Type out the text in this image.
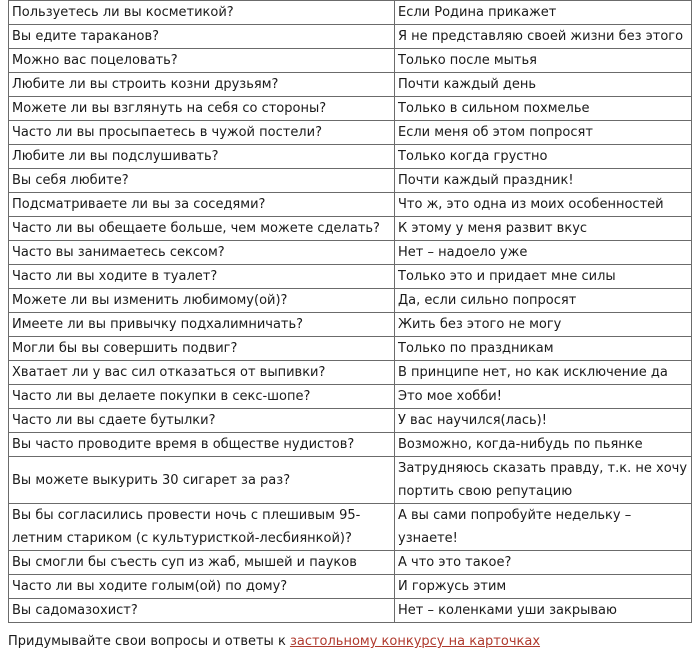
Пользуетесь ли вы косметикой?	Если Родина прикажет
Вы едите тараканов?	Я не представляю своей жизни без этого
Можно вас поцеловать?	Только после мытья
Любите ли вы строить козни друзьям?	Почти каждый день
Можете ли вы взглянуть на себя со стороны?	Только в сильном похмелье
Часто ли вы просыпаетесь в чужой постели?	Если меня об этом попросят
Любите ли вы подслушивать?	Только когда грустно
Вы себя любите?	Почти каждый праздник!
Подсматриваете ли вы за соседями?	Что ж, это одна из моих особенностей
Часто ли вы обещаете больше, чем можете сделать?	К этому у меня развит вкус
Часто вы занимаетесь сексом?	Нет – надоело уже
Часто ли вы ходите в туалет?	Только это и придает мне силы
Можете ли вы изменить любимому(ой)?	Да, если сильно попросят
Имеете ли вы привычку подхалимничать?	Жить без этого не могу
Могли бы вы совершить подвиг?	Только по праздникам
Хватает ли у вас сил отказаться от выпивки?	В принципе нет, но как исключение да
Часто ли вы делаете покупки в секс-шопе?	Это мое хобби!
Часто ли вы сдаете бутылки?	У вас научился(лась)!
Вы часто проводите время в обществе нудистов?	Возможно, когда-нибудь по пьянке
Вы можете выкурить 30 сигарет за раз?	Затрудняюсь сказать правду, т.к. не хочу портить свою репутацию
Вы бы согласились провести ночь с плешивым 95-летним стариком (с культуристкой-лесбиянкой)?	А вы сами попробуйте недельку – узнаете!
Вы смогли бы съесть суп из жаб, мышей и пауков	А что это такое?
Часто ли вы ходите голым(ой) по дому?	И горжусь этим
Вы садомазохист?	Нет – коленками уши закрываю
Придумывайте свои вопросы и ответы к застольному конкурсу на карточках
